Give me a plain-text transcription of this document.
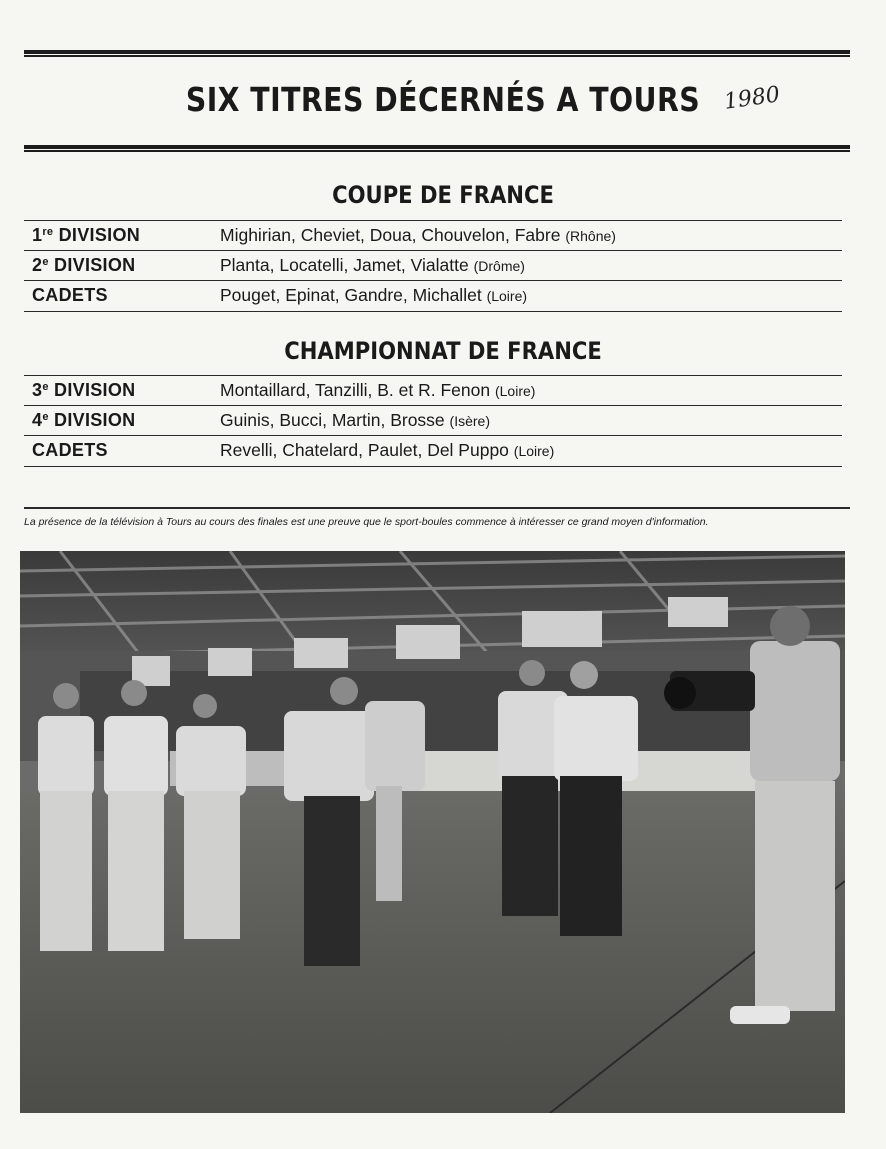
SIX TITRES DÉCERNÉS A TOURS	1980
COUPE DE FRANCE
1re DIVISION	Mighirian, Cheviet, Doua, Chouvelon, Fabre (Rhône)
2e DIVISION	Planta, Locatelli, Jamet, Vialatte (Drôme)
CADETS	Pouget, Epinat, Gandre, Michallet (Loire)
CHAMPIONNAT DE FRANCE
3e DIVISION	Montaillard, Tanzilli, B. et R. Fenon (Loire)
4e DIVISION	Guinis, Bucci, Martin, Brosse (Isère)
CADETS	Revelli, Chatelard, Paulet, Del Puppo (Loire)
La présence de la télévision à Tours au cours des finales est une preuve que le sport-boules commence à intéresser ce grand moyen d'information.
